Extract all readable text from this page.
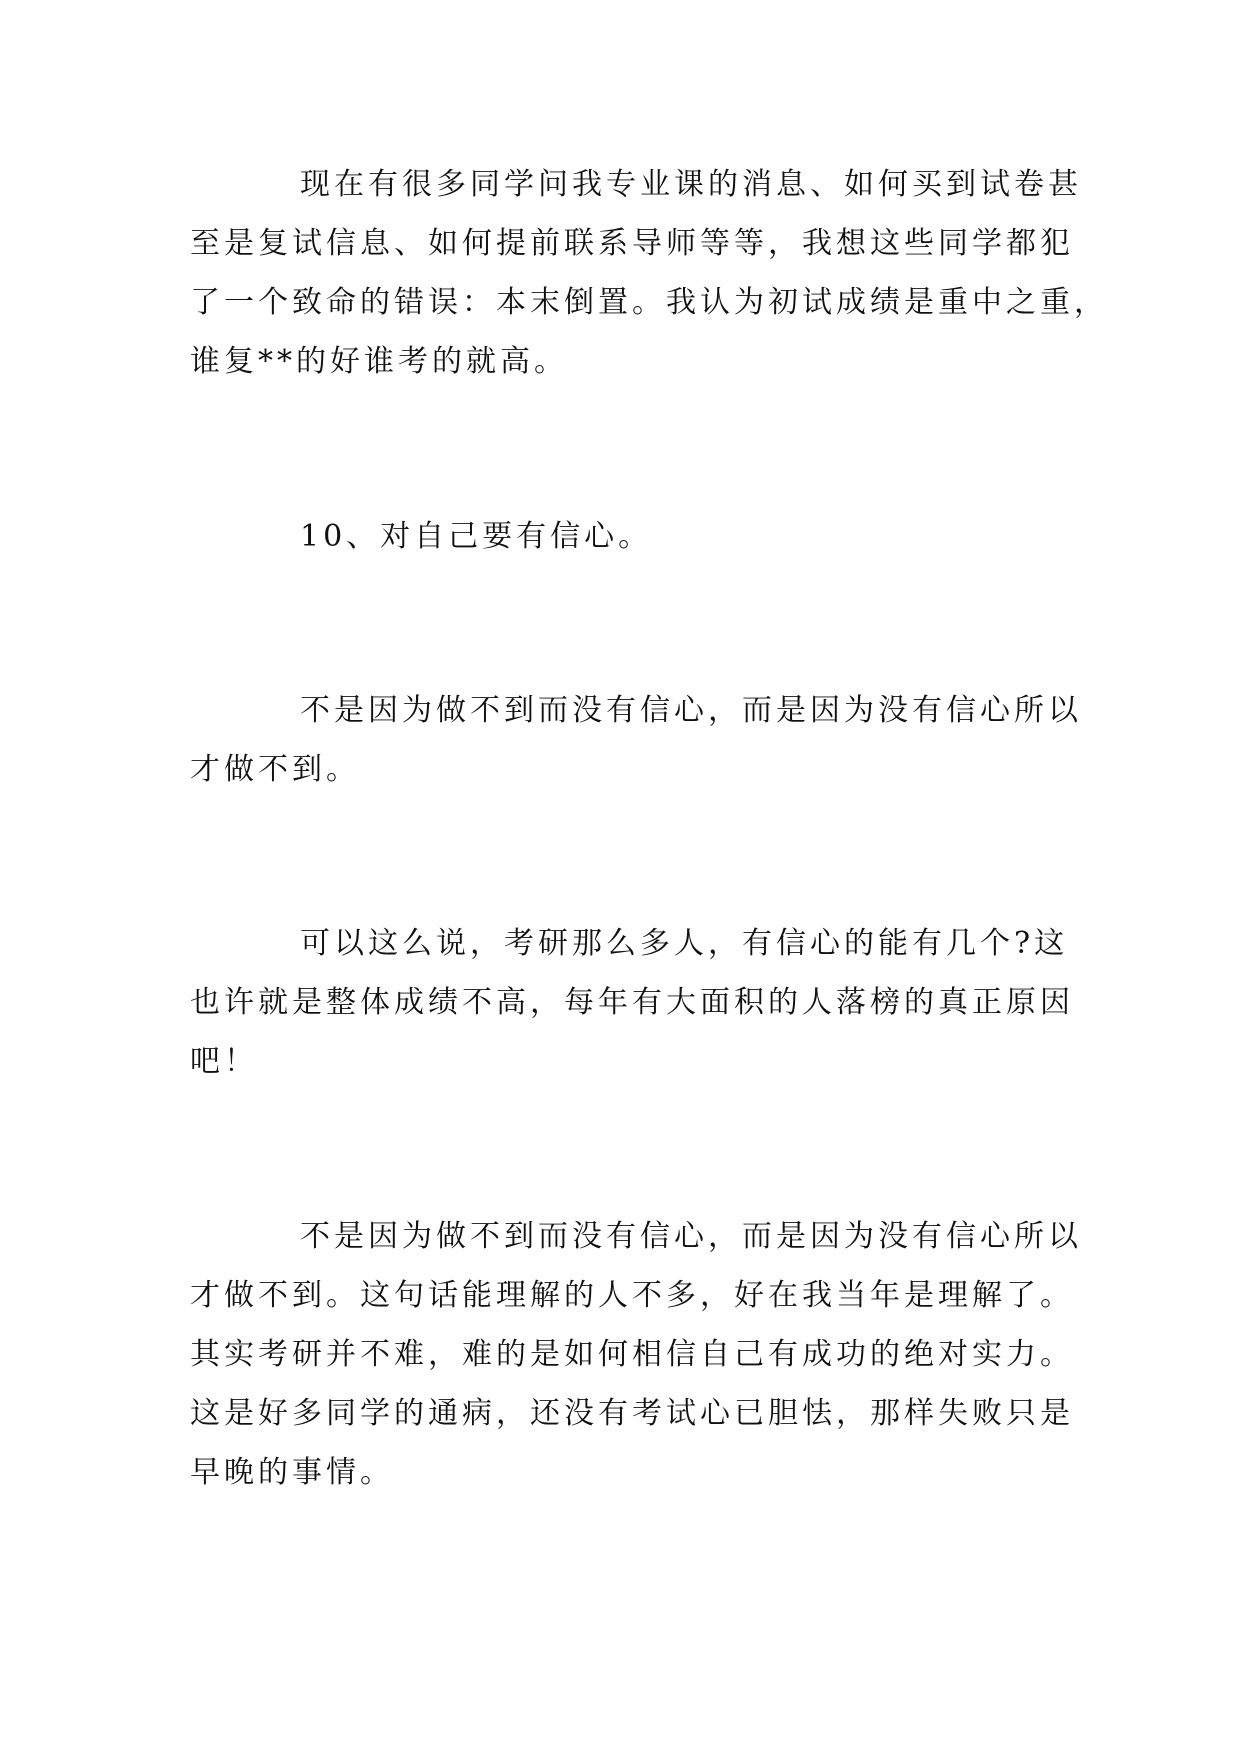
现在有很多同学问我专业课的消息、如何买到试卷甚
至是复试信息、如何提前联系导师等等，我想这些同学都犯
了一个致命的错误：本末倒置。我认为初试成绩是重中之重，
谁复**的好谁考的就高。

10、对自己要有信心。

不是因为做不到而没有信心，而是因为没有信心所以
才做不到。

可以这么说，考研那么多人，有信心的能有几个?这
也许就是整体成绩不高，每年有大面积的人落榜的真正原因
吧！

不是因为做不到而没有信心，而是因为没有信心所以
才做不到。这句话能理解的人不多，好在我当年是理解了。
其实考研并不难，难的是如何相信自己有成功的绝对实力。
这是好多同学的通病，还没有考试心已胆怯，那样失败只是
早晚的事情。
